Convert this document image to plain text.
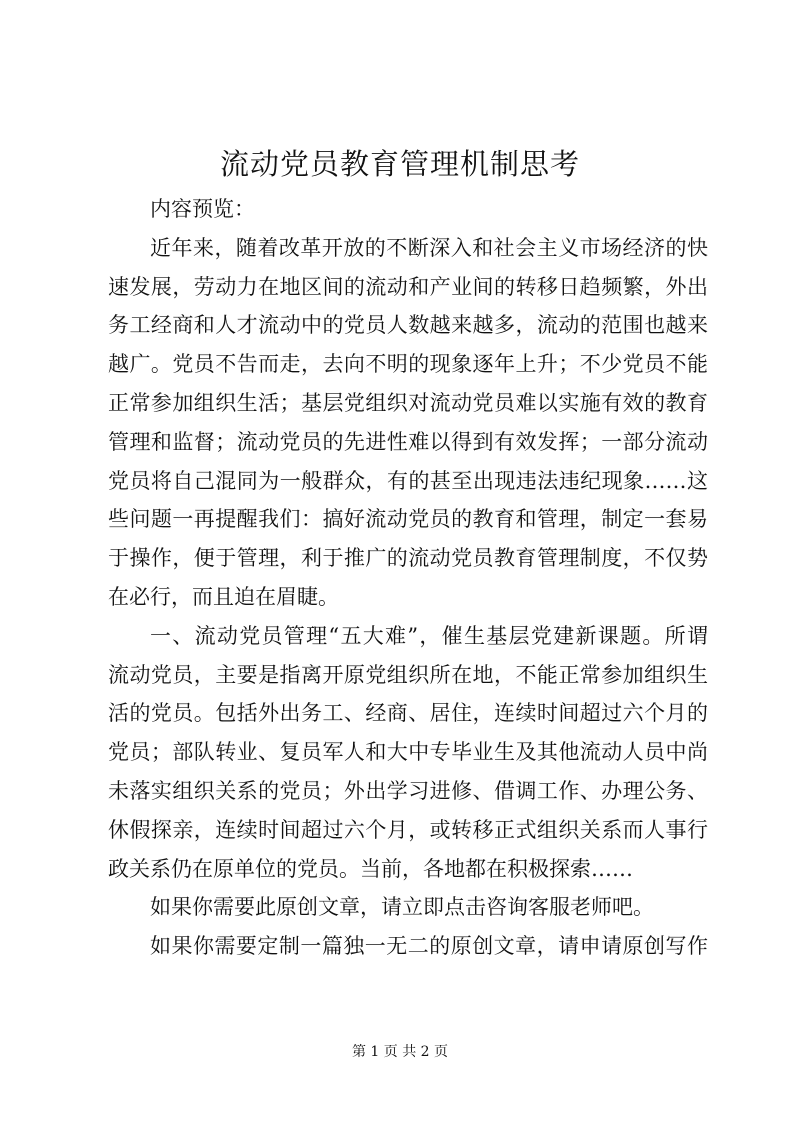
流动党员教育管理机制思考
内容预览：
近年来，随着改革开放的不断深入和社会主义市场经济的快
速发展，劳动力在地区间的流动和产业间的转移日趋频繁，外出
务工经商和人才流动中的党员人数越来越多，流动的范围也越来
越广。党员不告而走，去向不明的现象逐年上升；不少党员不能
正常参加组织生活；基层党组织对流动党员难以实施有效的教育
管理和监督；流动党员的先进性难以得到有效发挥；一部分流动
党员将自己混同为一般群众，有的甚至出现违法违纪现象……这
些问题一再提醒我们：搞好流动党员的教育和管理，制定一套易
于操作，便于管理，利于推广的流动党员教育管理制度，不仅势
在必行，而且迫在眉睫。
一、流动党员管理“五大难”，催生基层党建新课题。所谓
流动党员，主要是指离开原党组织所在地，不能正常参加组织生
活的党员。包括外出务工、经商、居住，连续时间超过六个月的
党员；部队转业、复员军人和大中专毕业生及其他流动人员中尚
未落实组织关系的党员；外出学习进修、借调工作、办理公务、
休假探亲，连续时间超过六个月，或转移正式组织关系而人事行
政关系仍在原单位的党员。当前，各地都在积极探索……
如果你需要此原创文章，请立即点击咨询客服老师吧。
如果你需要定制一篇独一无二的原创文章，请申请原创写作
第 1 页 共 2 页
